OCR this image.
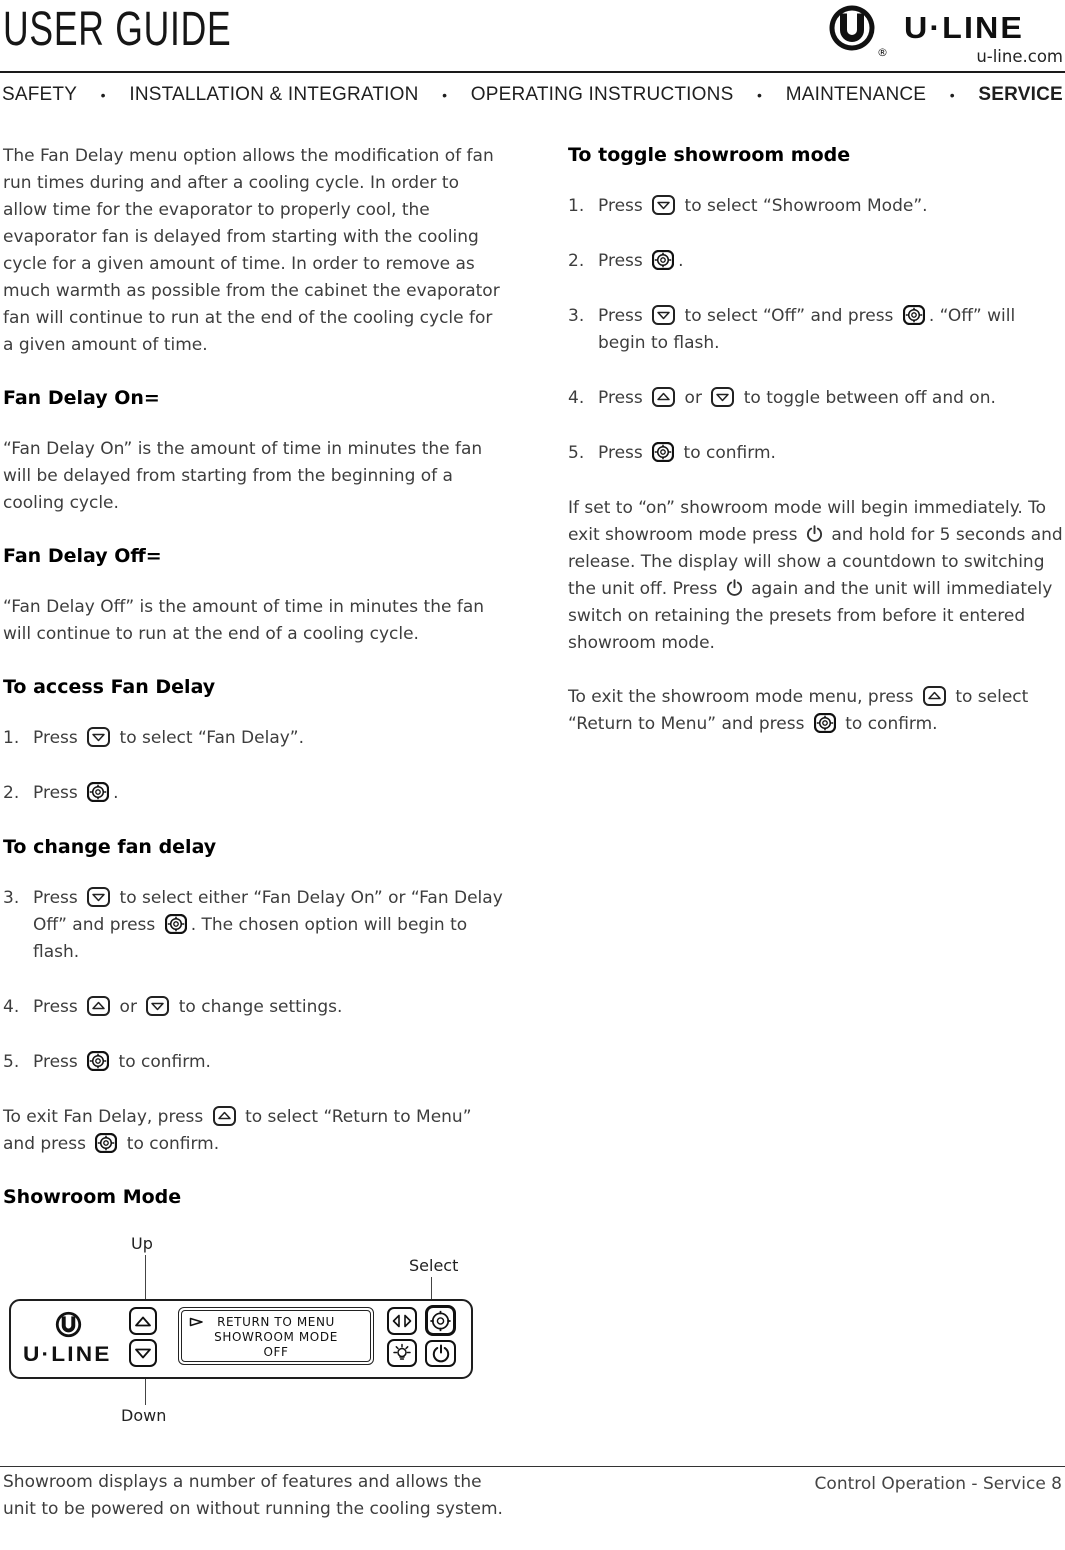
USER GUIDE	®
U·LINE
u-line.com
SAFETY • INSTALLATION & INTEGRATION • OPERATING INSTRUCTIONS • MAINTENANCE • SERVICE
The Fan Delay menu option allows the modification of fan run times during and after a cooling cycle. In order to allow time for the evaporator to properly cool, the evaporator fan is delayed from starting with the cooling cycle for a given amount of time. In order to remove as much warmth as possible from the cabinet the evaporator fan will continue to run at the end of the cooling cycle for a given amount of time.
Fan Delay On=
“Fan Delay On” is the amount of time in minutes the fan will be delayed from starting from the beginning of a cooling cycle.
Fan Delay Off=
“Fan Delay Off” is the amount of time in minutes the fan will continue to run at the end of a cooling cycle.
To access Fan Delay
1. Press  to select “Fan Delay”.
2. Press .
To change fan delay
3. Press  to select either “Fan Delay On” or “Fan Delay Off” and press . The chosen option will begin to flash.
4. Press  or  to change settings.
5. Press  to confirm.
To exit Fan Delay, press  to select “Return to Menu” and press  to confirm.
Showroom Mode
Up
Select
Down
U·LINE
RETURN TO MENU
SHOWROOM MODE
OFF
Showroom displays a number of features and allows the unit to be powered on without running the cooling system.
To toggle showroom mode
1. Press  to select “Showroom Mode”.
2. Press .
3. Press  to select “Off” and press . “Off” will begin to flash.
4. Press  or  to toggle between off and on.
5. Press  to confirm.
If set to “on” showroom mode will begin immediately. To exit showroom mode press  and hold for 5 seconds and release. The display will show a countdown to switching the unit off. Press  again and the unit will immediately switch on retaining the presets from before it entered showroom mode.
To exit the showroom mode menu, press  to select “Return to Menu” and press  to confirm.
Control Operation - Service 8
